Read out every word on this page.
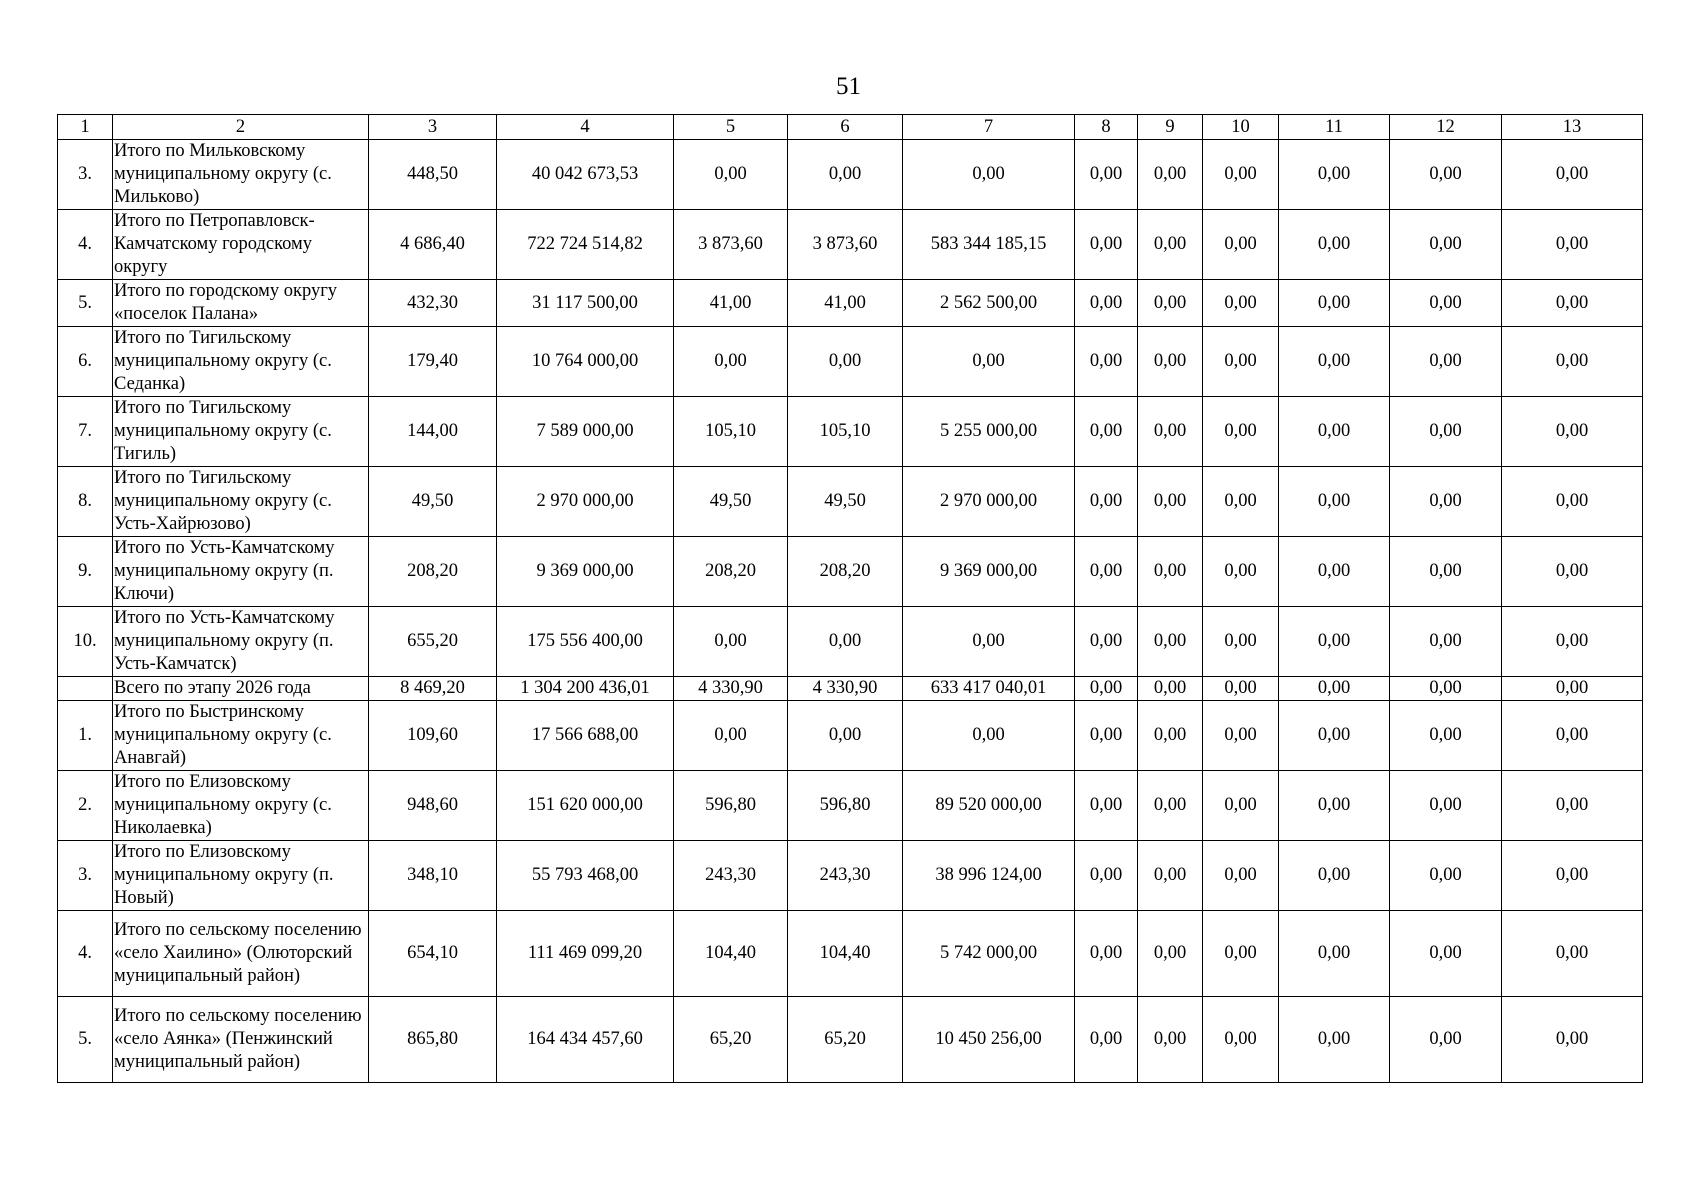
51
1	2	3	4	5	6	7	8	9	10	11	12	13
3.	Итого по Мильковскому муниципальному округу (с. Мильково)	448,50	40 042 673,53	0,00	0,00	0,00	0,00	0,00	0,00	0,00	0,00	0,00
4.	Итого по Петропавловск-Камчатскому городскому округу	4 686,40	722 724 514,82	3 873,60	3 873,60	583 344 185,15	0,00	0,00	0,00	0,00	0,00	0,00
5.	Итого по городскому округу «поселок Палана»	432,30	31 117 500,00	41,00	41,00	2 562 500,00	0,00	0,00	0,00	0,00	0,00	0,00
6.	Итого по Тигильскому муниципальному округу (с. Седанка)	179,40	10 764 000,00	0,00	0,00	0,00	0,00	0,00	0,00	0,00	0,00	0,00
7.	Итого по Тигильскому муниципальному округу (с. Тигиль)	144,00	7 589 000,00	105,10	105,10	5 255 000,00	0,00	0,00	0,00	0,00	0,00	0,00
8.	Итого по Тигильскому муниципальному округу (с. Усть-Хайрюзово)	49,50	2 970 000,00	49,50	49,50	2 970 000,00	0,00	0,00	0,00	0,00	0,00	0,00
9.	Итого по Усть-Камчатскому муниципальному округу (п. Ключи)	208,20	9 369 000,00	208,20	208,20	9 369 000,00	0,00	0,00	0,00	0,00	0,00	0,00
10.	Итого по Усть-Камчатскому муниципальному округу (п. Усть-Камчатск)	655,20	175 556 400,00	0,00	0,00	0,00	0,00	0,00	0,00	0,00	0,00	0,00
	Всего по этапу 2026 года	8 469,20	1 304 200 436,01	4 330,90	4 330,90	633 417 040,01	0,00	0,00	0,00	0,00	0,00	0,00
1.	Итого по Быстринскому муниципальному округу (с. Анавгай)	109,60	17 566 688,00	0,00	0,00	0,00	0,00	0,00	0,00	0,00	0,00	0,00
2.	Итого по Елизовскому муниципальному округу (с. Николаевка)	948,60	151 620 000,00	596,80	596,80	89 520 000,00	0,00	0,00	0,00	0,00	0,00	0,00
3.	Итого по Елизовскому муниципальному округу (п. Новый)	348,10	55 793 468,00	243,30	243,30	38 996 124,00	0,00	0,00	0,00	0,00	0,00	0,00
4.	Итого по сельскому поселению «село Хаилино» (Олюторский муниципальный район)	654,10	111 469 099,20	104,40	104,40	5 742 000,00	0,00	0,00	0,00	0,00	0,00	0,00
5.	Итого по сельскому поселению «село Аянка» (Пенжинский муниципальный район)	865,80	164 434 457,60	65,20	65,20	10 450 256,00	0,00	0,00	0,00	0,00	0,00	0,00
